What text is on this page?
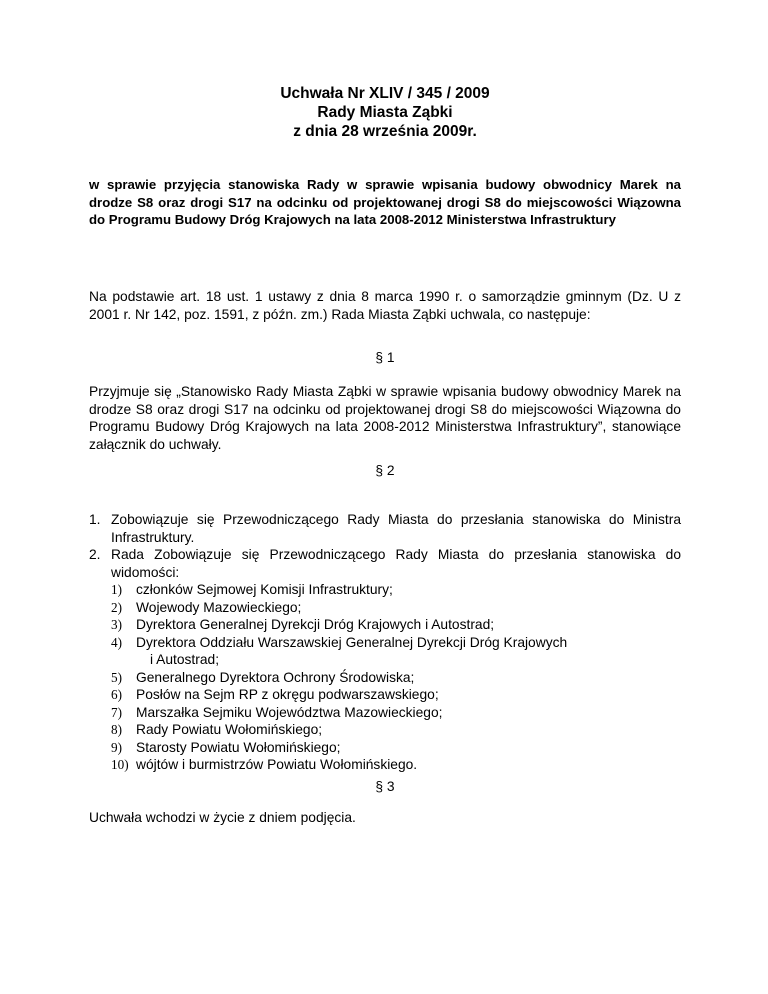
Uchwała Nr XLIV / 345 / 2009
Rady Miasta Ząbki
z dnia 28 września 2009r.
w sprawie przyjęcia stanowiska Rady w sprawie wpisania budowy obwodnicy Marek na drodze S8 oraz drogi S17 na odcinku od projektowanej drogi S8 do miejscowości Wiązowna do Programu Budowy Dróg Krajowych na lata 2008-2012 Ministerstwa Infrastruktury
Na podstawie art. 18 ust. 1 ustawy z dnia 8 marca 1990 r. o samorządzie gminnym (Dz. U z 2001 r. Nr 142, poz. 1591, z późn. zm.) Rada Miasta Ząbki uchwala, co następuje:
§ 1
Przyjmuje się „Stanowisko Rady Miasta Ząbki w sprawie wpisania budowy obwodnicy Marek na drodze S8 oraz drogi S17 na odcinku od projektowanej drogi S8 do miejscowości Wiązowna do Programu Budowy Dróg Krajowych na lata 2008-2012 Ministerstwa Infrastruktury”, stanowiące załącznik do uchwały.
§ 2
1. Zobowiązuje się Przewodniczącego Rady Miasta do przesłania stanowiska do Ministra Infrastruktury.
2. Rada Zobowiązuje się Przewodniczącego Rady Miasta do przesłania stanowiska do widomości:
1) członków Sejmowej Komisji Infrastruktury;
2) Wojewody Mazowieckiego;
3) Dyrektora Generalnej Dyrekcji Dróg Krajowych i Autostrad;
4) Dyrektora Oddziału Warszawskiej Generalnej Dyrekcji Dróg Krajowych
i Autostrad;
5) Generalnego Dyrektora Ochrony Środowiska;
6) Posłów na Sejm RP z okręgu podwarszawskiego;
7) Marszałka Sejmiku Województwa Mazowieckiego;
8) Rady Powiatu Wołomińskiego;
9) Starosty Powiatu Wołomińskiego;
10) wójtów i burmistrzów Powiatu Wołomińskiego.
§ 3
Uchwała wchodzi w życie z dniem podjęcia.
